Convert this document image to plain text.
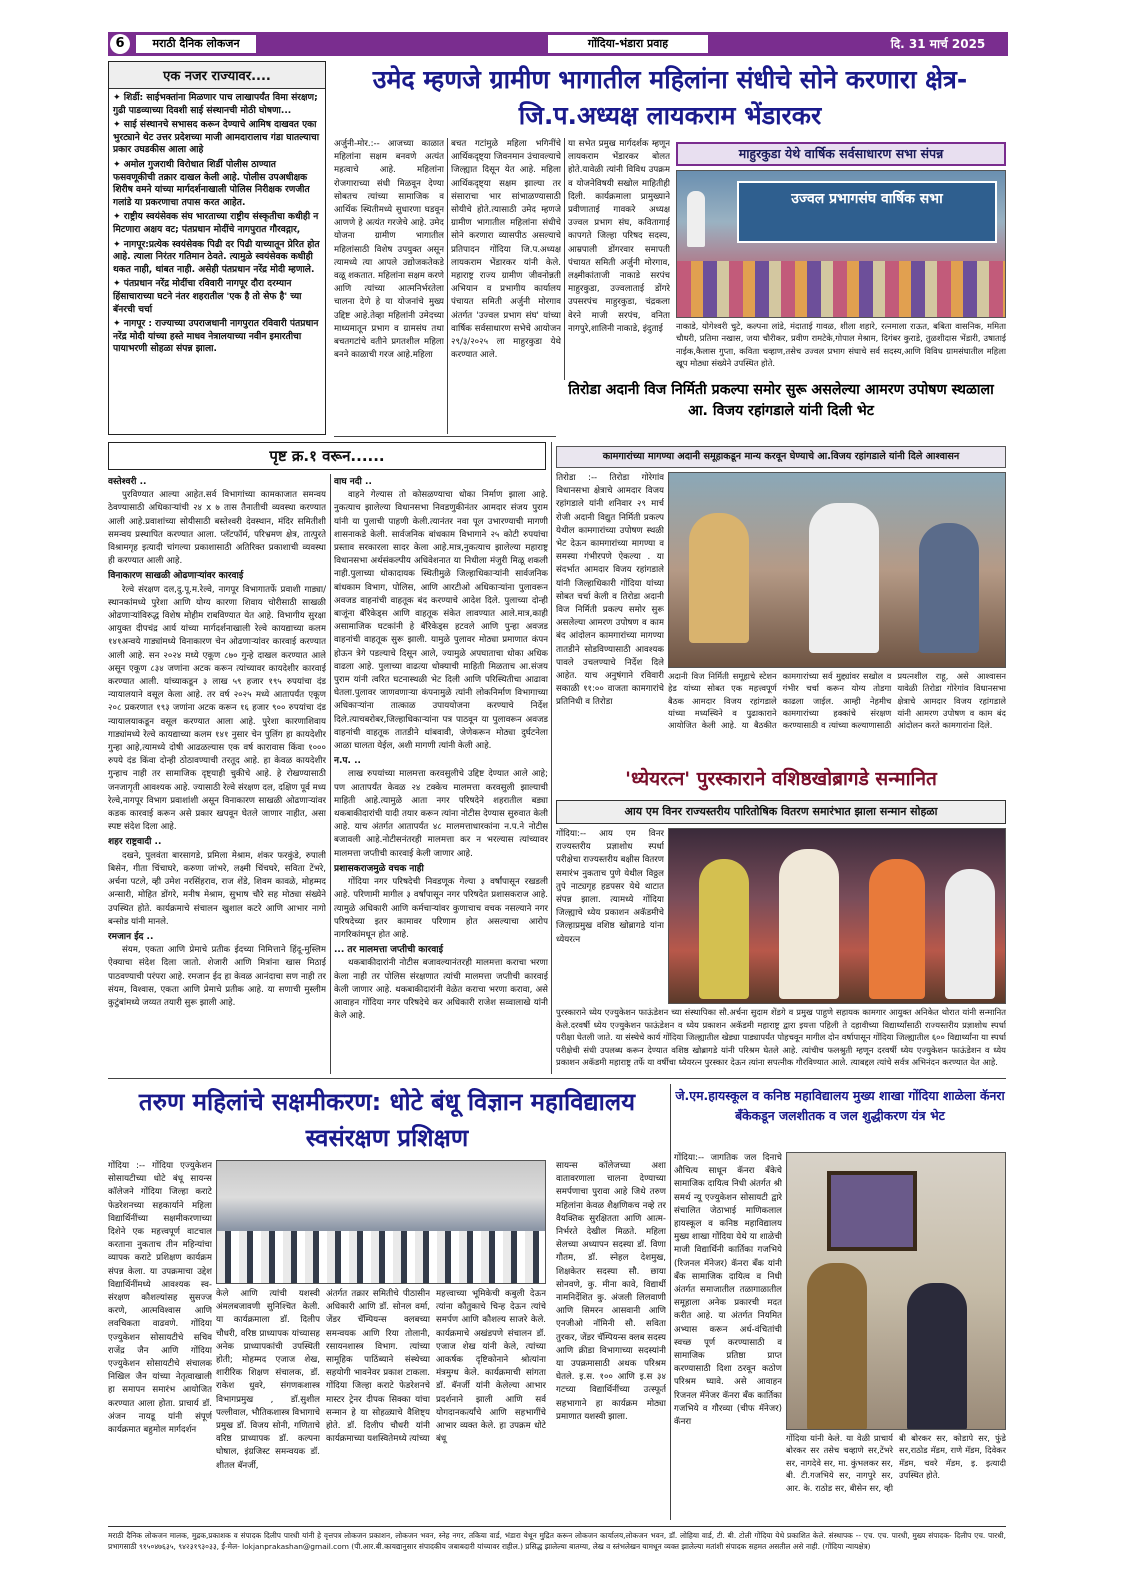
6	मराठी दैनिक लोकजन	गोंदिया-भंडारा प्रवाह	दि. 31 मार्च 2025
एक नजर राज्यावर....
✦ शिर्डी: साईभक्तांना मिळणार पाच लाखापर्यंत विमा संरक्षण; गुढी पाडव्याच्या दिवशी साई संस्थानची मोठी घोषणा...
✦ साई संस्थानचे सभासद करून देण्याचे आमिष दाखवत एका भुरट्याने थेट उत्तर प्रदेशच्या माजी आमदारालाच गंडा घातल्याचा प्रकार उघडकीस आला आहे
✦ अमोल गुजराथी विरोधात शिर्डी पोलीस ठाण्यात फसवणूकीची तक्रार दाखल केली आहे. पोलीस उपअधीक्षक शिरीष वमने यांच्या मार्गदर्शनाखाली पोलिस निरीक्षक रणजीत गलांडे या प्रकरणाचा तपास करत आहेत.
✦ राष्ट्रीय स्वयंसेवक संघ भारताच्या राष्ट्रीय संस्कृतीचा कधीही न मिटणारा अक्षय वट; पंतप्रधान मोदींचे नागपुरात गौरवद्गार,
✦ नागपूर:प्रत्येक स्वयंसेवक पिढी दर पिढी याच्यातून प्रेरित होत आहे. त्याला निरंतर गतिमान ठेवते. त्यामुळे स्वयंसेवक कधीही थकत नाही, थांबत नाही. असेही पंतप्रधान नरेंद्र मोदी म्हणाले.
✦ पंतप्रधान नरेंद्र मोदींचा रविवारी नागपूर दौरा दरम्यान हिंसाचाराच्या घटने नंतर शहरातील 'एक है तो सेफ है' च्या बॅनरची चर्चा
✦ नागपूर : राज्याच्या उपराजधानी नागपुरात रविवारी पंतप्रधान नरेंद्र मोदी यांच्या हस्ते माधव नेत्रालयाच्या नवीन इमारतीचा पायाभरणी सोहळा संपन्न झाला.
उमेद म्हणजे ग्रामीण भागातील महिलांना संधीचे सोने करणारा क्षेत्र- जि.प.अध्यक्ष लायकराम भेंडारकर
अर्जुनी-मोर.:-- आजच्या काळात महिलांना सक्षम बनवणे अत्यंत महत्वाचे आहे. महिलांना रोजगाराच्या संधी मिळवून देण्या सोबतच त्यांच्या सामाजिक व आर्थिक स्थितीमध्ये सुधारणा घडवून आणणे हे अत्यंत गरजेचे आहे. उमेद योजना ग्रामीण भागातील महिलांसाठी विशेष उपयुक्त असून त्यामध्ये त्या आपले उद्योजकतेकडे वळू शकतात. महिलांना सक्षम करणे आणि त्यांच्या आत्मनिर्भरतेला चालना देणे हे या योजनांचे मुख्य उद्दिष्ट आहे.तेव्हा महिलांनी उमेदच्या माध्यमातून प्रभाग व ग्रामसंघ तथा बचतगटांचे वतीने प्रगतशील महिला बनने काळाची गरज आहे.महिला
बचत गटांमुळे महिला भगिनींचे आर्थिकदृष्ट्या जिवनमान उंचावल्याचे जिल्ह्यात दिसून येत आहे. महिला आर्थिकदृष्ट्या सक्षम झाल्या तर संसाराचा भार सांभाळण्यासाठी सोयीचे होते.त्यासाठी उमेद म्हणजे ग्रामीण भागातील महिलांना संधीचे सोने करणारा व्यासपीठ असल्याचे प्रतिपादन गोंदिया जि.प.अध्यक्ष लायकराम भेंडारकर यांनी केले. महाराष्ट्र राज्य ग्रामीण जीवनोन्नती अभियान व प्रभागीय कार्यालय पंचायत समिती अर्जुनी मोरगाव अंतर्गत 'उज्वल प्रभाग संघ' यांच्या वार्षिक सर्वसाधारण सभेचे आयोजन २९/३/२०२५ ला माहुरकुडा येथे करण्यात आले.
या सभेत प्रमुख मार्गदर्शक म्हणून लायकराम भेंडारकर बोलत होते.यावेळी त्यांनी विविध उपक्रम व योजनेविषयी सखोल माहितीही दिली. कार्यक्रमाला प्रामुख्याने प्रवीणाताई गावकरे अध्यक्ष उज्वल प्रभाग संघ, कवितागाई कापगते जिल्हा परिषद सदस्य, आम्रपाली डोंगरवार समापती पंचायत समिती अर्जुनी मोरगाव, लक्ष्मीकांताजी नाकाडे सरपंच माहुरकुडा, उज्वलाताई डोंगरे उपसरपंच माहुरकुडा, चंद्रकला वेरने माजी सरपंच, वनिता नागपुरे,शालिनी नाकाडे, इंदुताई
माहुरकुडा येथे वार्षिक सर्वसाधारण सभा संपन्न
उज्वल प्रभागसंघ वार्षिक सभा
नाकाडे, योगेश्वरी चुटे, कल्पना लांडे, मंदाताई गावळ, शीला शहारे, रत्नमाला राऊत, बबिता वासनिक, ममिता चौधरी, प्रतिमा नखास, जया चौरीकर, प्रवीण रामटेके,गोपाल मेश्राम, दिगंबर कुराडे, तुळशीदास भेंडारी, उषाताई नाईक,कैलास गुप्ता, कविता चव्हाण,तसेच उज्वल प्रभाग संघाचे सर्व सदस्य,आणि विविध ग्रामसंघातील महिला खूप मोठ्या संख्येने उपस्थित होते.
तिरोडा अदानी विज निर्मिती प्रकल्पा समोर सुरू असलेल्या आमरण उपोषण स्थळाला आ. विजय रहांगडाले यांनी दिली भेट
कामगारांच्या मागण्या अदानी समूहाकडून मान्य करवून घेण्याचे आ.विजय रहांगडाले यांनी दिले आश्वासन
तिरोडा :-- तिरोडा गोरेगांव विधानसभा क्षेत्राचे आमदार विजय रहांगडाले यांनी शनिवार २९ मार्च रोजी अदानी विद्युत निर्मिती प्रकल्प येथील कामगारांच्या उपोषण स्थळी भेट देऊन कामगारांच्या मागण्या व समस्या गंभीरपणे ऐकल्या . या संदर्भात आमदार विजय रहांगडाले यांनी जिल्हाधिकारी गोंदिया यांच्या सोबत चर्चा केली व तिरोडा अदानी विज निर्मिती प्रकल्प समोर सुरू असलेल्या आमरण उपोषण व काम बंद आंदोलन कामगारांच्या मागण्या तातडीने सोडविण्यासाठी आवश्यक पावले उचलण्याचे निर्देश दिले आहेत. याच अनुषंगाने रविवारी सकाळी ११:०० वाजता कामगारांचे प्रतिनिधी व तिरोडा
अदानी विज निर्मिती समूहाचे स्टेशन हेड यांच्या सोबत एक महत्त्वपूर्ण बैठक आमदार विजय रहांगडाले यांच्या मध्यस्थिने व पुढाकाराने आयोजित केली आहे. या बैठकीत कामगारांच्या सर्व मुद्द्यांवर सखोल व गंभीर चर्चा करून योग्य तोडगा काढला जाईल. आम्ही नेहमीच कामगारांच्या हक्कांचे संरक्षण करण्यासाठी व त्यांच्या कल्याणासाठी प्रयत्नशील राहू, असे आश्वासन यावेळी तिरोडा गोरेगांव विधानसभा क्षेत्राचे आमदार विजय रहांगडाले यांनी आमरण उपोषण व काम बंद आंदोलन करते कामगारांना दिले.
पृष्ट क्र.१ वरून......
वस्तेश्वरी ..

पुरविण्यात आल्या आहेत.सर्व विभागांच्या कामकाजात समन्वय ठेवण्यासाठी अधिकाऱ्यांची २४ x ७ तास तैनातीची व्यवस्था करण्यात आली आहे.प्रवाशांच्या सोयीसाठी बस्तेश्वरी देवस्थान, मंदिर समितीशी समन्वय प्रस्थापित करण्यात आला. प्लॅटफॉर्म, परिभ्रमण क्षेत्र, तात्पुरते विश्रामगृह इत्यादी चांगल्या प्रकाशासाठी अतिरिक्त प्रकाशाची व्यवस्था ही करण्यात आली आहे.

विनाकारण साखळी ओढणाऱ्यांवर कारवाई

रेल्वे संरक्षण दल,दु.पू.म.रेल्वे, नागपूर विभागातर्फे प्रवाशी गाड्या/स्थानकांमध्ये पुरेशा आणि योग्य कारणा शिवाय चोरीसाठी साखळी ओढणाऱ्यांविरुद्ध विशेष मोहीम राबविण्यात येत आहे. विभागीय सुरक्षा आयुक्त दीपचंद्र आर्य यांच्या मार्गदर्शनाखाली रेल्वे कायद्याच्या कलम १४१अन्वये गाड्यांमध्ये विनाकारण चेन ओढणाऱ्यांवर कारवाई करण्यात आली आहे. सन २०२४ मध्ये एकूण ८७० गुन्हे दाखल करण्यात आले असून एकूण ८३४ जणांना अटक करून त्यांच्यावर कायदेशीर कारवाई करण्यात आली. यांच्याकडून ३ लाख ५९ हजार १९५ रुपयांचा दंड न्यायालयाने वसूल केला आहे. तर वर्ष २०२५ मध्ये आतापर्यंत एकूण २०८ प्रकरणात १९३ जणांना अटक करून १६ हजार ९०० रुपयांचा दंड न्यायालयाकडून वसूल करण्यात आला आहे. पुरेशा कारणाशिवाय गाड्यांमध्ये रेल्वे कायद्याच्या कलम १४१ नुसार चेन पुलिंग हा कायदेशीर गुन्हा आहे,त्यामध्ये दोषी आढळल्यास एक वर्ष कारावास किंवा १००० रुपये दंड किंवा दोन्ही ठोठावण्याची तरतूद आहे. हा केवळ कायदेशीर गुन्हाच नाही तर सामाजिक दृष्ट्याही चुकीचे आहे. हे रोखण्यासाठी जनजागृती आवश्यक आहे. ज्यासाठी रेल्वे संरक्षण दल, दक्षिण पूर्व मध्य रेल्वे,नागपूर विभाग प्रवाशांशी असून विनाकारण साखळी ओढणाऱ्यांवर कडक कारवाई करून असे प्रकार खपवून घेतले जाणार नाहीत, असा स्पष्ट संदेश दिला आहे.

शहर राष्ट्रवादी ..

दखने, पुलवंता बारसागडे, प्रमिला मेश्राम, शंकर फरकुंडे, रुपाली बिसेन, गीता चिंचाघरे, करुणा जांभरे, लक्ष्मी चिंचघरे, सविता टेंभरे, अर्चना पटले, व्ही उमेश नरसिंहराव, राज शेंडे, शिवम कावळे, मोहम्मद अन्सारी, मोहित डोंगरे, मनीष मेश्राम, सुभाष चौरे सह मोठ्या संख्येने उपस्थित होते. कार्यक्रमाचे संचालन खुशाल कटरे आणि आभार नागो बन्सोड यांनी मानले.

रमजान ईद ..

संयम, एकता आणि प्रेमाचे प्रतीक ईदच्या निमित्ताने हिंदू-मुस्लिम ऐक्याचा संदेश दिला जातो. शेजारी आणि मित्रांना खास मिठाई पाठवण्याची परंपरा आहे. रमजान ईद हा केवळ आनंदाचा सण नाही तर संयम, विश्वास, एकता आणि प्रेमाचे प्रतीक आहे. या सणाची मुस्लीम कुटुंबांमध्ये जय्यत तयारी सुरू झाली आहे.

वाघ नदी ..

वाहने गेल्यास तो कोसळण्याचा धोका निर्माण झाला आहे. नुकत्याच झालेल्या विधानसभा निवडणुकीनंतर आमदार संजय पुराम यांनी या पुलाची पाहणी केली.त्यानंतर नवा पूल उभारण्याची मागणी शासनाकडे केली. सार्वजनिक बांधकाम विभागाने २५ कोटी रुपयांचा प्रस्ताव सरकारला सादर केला आहे.मात्र,नुकत्याच झालेल्या महाराष्ट्र विधानसभा अर्थसंकल्पीय अधिवेशनात या निधीला मंजुरी मिळू शकली नाही.पुलाच्या धोकादायक स्थितीमुळे जिल्हाधिकाऱ्यांनी सार्वजनिक बांधकाम विभाग, पोलिस, आणि आरटीओ अधिकाऱ्यांना पुलावरून अवजड वाहनांची वाहतूक बंद करण्याचे आदेश दिले. पुलाच्या दोन्ही बाजूंना बॅरिकेड्स आणि वाहतूक संकेत लावण्यात आले.मात्र,काही असामाजिक घटकांनी हे बॅरिकेड्स हटवले आणि पुन्हा अवजड वाहनांची वाहतूक सुरू झाली. यामुळे पुलावर मोठ्या प्रमाणात कंपन होऊन त्रेगे पडल्याचे दिसून आले, ज्यामुळे अपघाताचा धोका अधिक वाढला आहे. पुलाच्या वाढत्या धोक्याची माहिती मिळताच आ.संजय पुराम यांनी त्वरित घटनास्थळी भेट दिली आणि परिस्थितीचा आढावा घेतला.पुलावर जाणवणाऱ्या कंपनामुळे त्यांनी लोकनिर्माण विभागाच्या अधिकाऱ्यांना तात्काळ उपाययोजना करण्याचे निर्देश दिले.त्याचबरोबर,जिल्हाधिकाऱ्यांना पत्र पाठवून या पुलावरून अवजड वाहनांची वाहतूक तातडीने थांबवावी, जेणेकरून मोठ्या दुर्घटनेला आळा घालता येईल, अशी मागणी त्यांनी केली आहे.

न.प. ..

लाख रुपयांच्या मालमत्ता करवसुलीचे उद्दिष्ट देण्यात आले आहे; पण आतापर्यंत केवळ २४ टक्केच मालमत्ता करवसुली झाल्याची माहिती आहे.त्यामुळे आता नगर परिषदेने शहरातील बड्या थकबाकीदारांची यादी तयार करून त्यांना नोटीस देण्यास सुरुवात केली आहे. याच अंतर्गत आतापर्यंत ४८ मालमत्ताधारकांना न.प.ने नोटीस बजावली आहे.नोटीसनंतरही मालमत्ता कर न भरल्यास त्यांच्यावर मालमत्ता जप्तीची कारवाई केली जाणार आहे.

प्रशासकराजमुळे वचक नाही

गोंदिया नगर परिषदेची निवडणूक गेल्या ३ वर्षांपासून रखडली आहे. परिणामी मागील ३ वर्षांपासून नगर परिषदेत प्रशासकराज आहे. त्यामुळे अधिकारी आणि कर्मचाऱ्यांवर कुणाचाच वचक नसल्याने नगर परिषदेच्या इतर कामावर परिणाम होत असल्याचा आरोप नागरिकांमधून होत आहे.

... तर मालमत्ता जप्तीची कारवाई

थकबाकीदारांनी नोटीस बजावल्यानंतरही मालमत्ता कराचा भरणा केला नाही तर पोलिस संरक्षणात त्यांची मालमत्ता जप्तीची कारवाई केली जाणार आहे. थकबाकीदारांनी वेळेत कराचा भरणा करावा, असे आवाहन गोंदिया नगर परिषदेचे कर अधिकारी राजेश सव्वालाखे यांनी केले आहे.

'ध्येयरत्न' पुरस्काराने वशिष्ठखोब्रागडे सन्मानित
आय एम विनर राज्यस्तरीय पारितोषिक वितरण समारंभात झाला सन्मान सोहळा
गोंदिया:-- आय एम विनर राज्यस्तरीय प्रज्ञाशोध स्पर्धा परीक्षेचा राज्यस्तरीय बक्षीस वितरण समारंभ नुकताच पुणे येथील विठ्ठल तुपे नाट्यगृह हडपसर येथे थाटात संपन्न झाला. त्यामध्ये गोंदिया जिल्ह्याचे ध्येय प्रकाशन अकॅडमीचे जिल्हाप्रमुख वशिष्ठ खोब्रागडे यांना ध्येयरत्न
पुरस्काराने ध्येय एज्युकेशन फाऊंडेशन च्या संस्थापिका सौ.अर्चना सुदाम शेंडगे व प्रमुख पाहुणे सहायक कामगार आयुक्त अनिकेत थोरात यांनी सन्मानित केले.दरवर्षी ध्येय एज्युकेशन फाऊंडेशन व ध्येय प्रकाशन अकॅडमी महाराष्ट्र द्वारा इयत्ता पहिली ते दहावीच्या विद्यार्थ्यांसाठी राज्यस्तरीय प्रज्ञाशोध स्पर्धा परीक्षा घेतली जाते. या संस्थेचे कार्य गोंदिया जिल्ह्यातील खेड्या पाड्यापर्यंत पोहचवून मागील दोन वर्षापासून गोंदिया जिल्ह्यातील ६०० विद्यार्थ्यांना या स्पर्धा परीक्षेची संधी उपलब्ध करून देण्यात वशिष्ठ खोब्रागडे यांनी परिश्रम घेतले आहे. त्यांचीच फलश्रुती म्हणून दरवर्षी ध्येय एज्युकेशन फाऊंडेशन व ध्येय प्रकाशन अकॅडमी महाराष्ट्र तर्फे या वर्षीचा ध्येयरत्न पुरस्कार देऊन त्यांना सपत्नीक गौरविण्यात आले. त्याबद्दल त्यांचे सर्वत्र अभिनंदन करण्यात येत आहे.
तरुण महिलांचे सक्षमीकरण: धोटे बंधू विज्ञान महाविद्यालय स्वसंरक्षण प्रशिक्षण
गोंदिया :-- गोंदिया एज्युकेशन सोसायटीच्या धोटे बंधू सायन्स कॉलेजने गोंदिया जिल्हा कराटे फेडरेशनच्या सहकार्याने महिला विद्यार्थिनींच्या सक्षमीकरणाच्या दिशेने एक महत्त्वपूर्ण वाटचाल करताना नुकताच तीन महिन्यांचा व्यापक कराटे प्रशिक्षण कार्यक्रम संपन्न केला. या उपक्रमाचा उद्देश विद्यार्थिनींमध्ये आवश्यक स्व-संरक्षण कौशल्यांसह सुसज्ज करणे, आत्मविश्वास आणि लवचिकता वाढवणे. गोंदिया एज्युकेशन सोसायटीचे सचिव राजेंद्र जैन आणि गोंदिया एज्युकेशन सोसायटीचे संचालक निखिल जैन यांच्या नेतृत्वाखाली हा समापन समारंभ आयोजित करण्यात आला होता. प्राचार्य डॉ. अंजन नायडू यांनी संपूर्ण कार्यक्रमात बहुमोल मार्गदर्शन
केले आणि त्यांची यशस्वी अंमलबजावणी सुनिश्चित केली. या कार्यक्रमाला डॉ. दिलीप चौधरी, वरिष्ठ प्राध्यापक यांच्यासह अनेक प्राध्यापकांची उपस्थिती होती; मोहम्मद एजाज शेख, शारीरिक शिक्षण संचालक, डॉ. राकेश धुवरे, संगणकशास्त्र विभागप्रमुख , डॉ.सुशील पल्लीवाल, भौतिकशास्त्र विभागाचे प्रमुख डॉ. विजय सोनी, गणिताचे वरिष्ठ प्राध्यापक डॉ. कल्पना घोषाल, इंग्रजिस्ट समन्वयक डॉ. शीतल बॅनर्जी,
अंतर्गत तक्रार समितीचे पीठासीन अधिकारी आणि डॉ. सोनल वर्मा, जेंडर चॅम्पियन्स क्लबच्या समन्वयक आणि रिया तोलानी, रसायनशास्त्र विभाग. त्यांच्या सामूहिक पाठिंब्याने संस्थेच्या सहयोगी भावनेवर प्रकाश टाकला. गोंदिया जिल्हा कराटे फेडरेशनचे मास्टर ट्रेनर दीपक सिक्का यांचा सन्मान हे या सोहळ्याचे वैशिष्ट्य होते. डॉ. दिलीप चौधरी यांनी कार्यक्रमाच्या यशस्वितेमध्ये त्यांच्या
महत्त्वाच्या भूमिकेची कबुली देऊन त्यांना कौतुकाचे चिन्ह देऊन त्यांचे समर्पण आणि कौशल्य साजरे केले. कार्यक्रमाचे अखंडपणे संचालन डॉ. एजाज शेख यांनी केले, त्यांच्या आकर्षक दृष्टिकोनाने श्रोत्यांना मंत्रमुग्ध केले. कार्यक्रमाची सांगता डॉ. बॅनर्जी यांनी केलेल्या आभार प्रदर्शनाने झाली आणि सर्व योगदानकर्त्यांचे आणि सहभागींचे आभार व्यक्त केले. हा उपक्रम धोटे बंधू
सायन्स कॉलेजच्या अशा वातावरणाला चालना देण्याच्या समर्पणाचा पुरावा आहे जिथे तरुण महिलांना केवळ शैक्षणिकच नव्हे तर वैयक्तिक सुरक्षितता आणि आत्म-निर्भरते देखील मिळते. महिला सेलच्या अध्यापन सदस्या डॉ. विणा गौतम, डॉ. स्नेहल देशमुख, शिक्षकेतर सदस्या सौ. छाया सोनवणे, कु. मीना कावे, विद्यार्थी नामनिर्देशित कु. अंजली लिलवाणी आणि सिमरन आसवानी आणि एनजीओ नॉमिनी सौ. सविता तुरकर, जेंडर चॅम्पियन्स क्लब सदस्य आणि क्रीडा विभागाच्या सदस्यांनी या उपक्रमासाठी अथक परिश्रम घेतले. इ.स. १०० आणि इ.स ३४ गटच्या विद्यार्थिनींच्या उत्स्फूर्त सहभागाने हा कार्यक्रम मोठ्या प्रमाणात यशस्वी झाला.
जे.एम.हायस्कूल व कनिष्ठ महाविद्यालय मुख्य शाखा गोंदिया शाळेला कॅनरा बँकेकडून जलशीतक व जल शुद्धीकरण यंत्र भेट
गोंदिया:-- जागतिक जल दिनाचे औचित्य साधून कॅनरा बँकेचे सामाजिक दायित्व निधी अंतर्गत श्री समर्थ न्यू एज्युकेशन सोसायटी द्वारे संचालित जेठाभाई माणिकलाल हायस्कूल व कनिष्ठ महाविद्यालय मुख्य शाखा गोंदिया येथे या शाळेची माजी विद्यार्थिनी कार्तिका गजभिये (रिजनल मॅनेजर) कॅनरा बँक यांनी बँक सामाजिक दायित्व व निधी अंतर्गत समाजातील तळागाळातील समूहाला अनेक प्रकारची मदत करीत आहे. या अंतर्गत नियमित अभ्यास करून अर्ध-वंचितांची स्वच्छ पूर्ण करण्यासाठी व सामाजिक प्रतिष्ठा प्राप्त करण्यासाठी दिशा ठरवून कठोण परिश्रम घ्यावे. असे आवाहन रिजनल मॅनेजर कॅनरा बँक कार्तिका गजभिये व गौरव्या (चीफ मॅनेजर) कॅनरा
गोंदिया यांनी केले. या वेळी प्राचार्य बोरकर सर तसेच चव्हाणे सर,टेंभरे सर, नागदेवे सर, मा. कुंभलकर सर, बी. टी.गजभिये सर, नागपुरे सर, आर. के. राठोड सर, बीसेन सर, व्ही बी बोरकर सर, कोडापे सर, फुंडे सर,राठोड मॅडम, राणे मॅडम, दिवेकर मॅडम, चवरे मॅडम, इ. इत्यादी उपस्थित होते.
मराठी दैनिक लोकजन मालक, मुद्रक,प्रकाशक व संपादक दिलीप पारधी यांनी हे वृत्तपत्र लोकजन प्रकाशन, लोकजन भवन, स्नेह नगर, तकिया वार्ड, भंडारा येथून मुद्रित करून लोकजन कार्यालय,लोकजन भवन, डॉ. लोहिया वार्ड, टी. बी. टोली गोंदिया येथे प्रकाशित केले. संस्थापक -- एच. एच. पारधी, मुख्य संपादक- दिलीप एच. पारधी, प्रभागसाठी ९१५०४७६३५, ९४२३१९३०३३, ई-मेल- lokjanprakashan@gmail.com (पी.आर.बी.कायद्यानुसार संपादकीय जबाबदारी यांच्यावर राहील.) प्रसिद्ध झालेल्या बातम्या, लेख व स्तंभलेखन यामधून व्यक्त झालेल्या मतांशी संपादक सहमत असतील असे नाही. (गोंदिया न्यायक्षेत्र)
